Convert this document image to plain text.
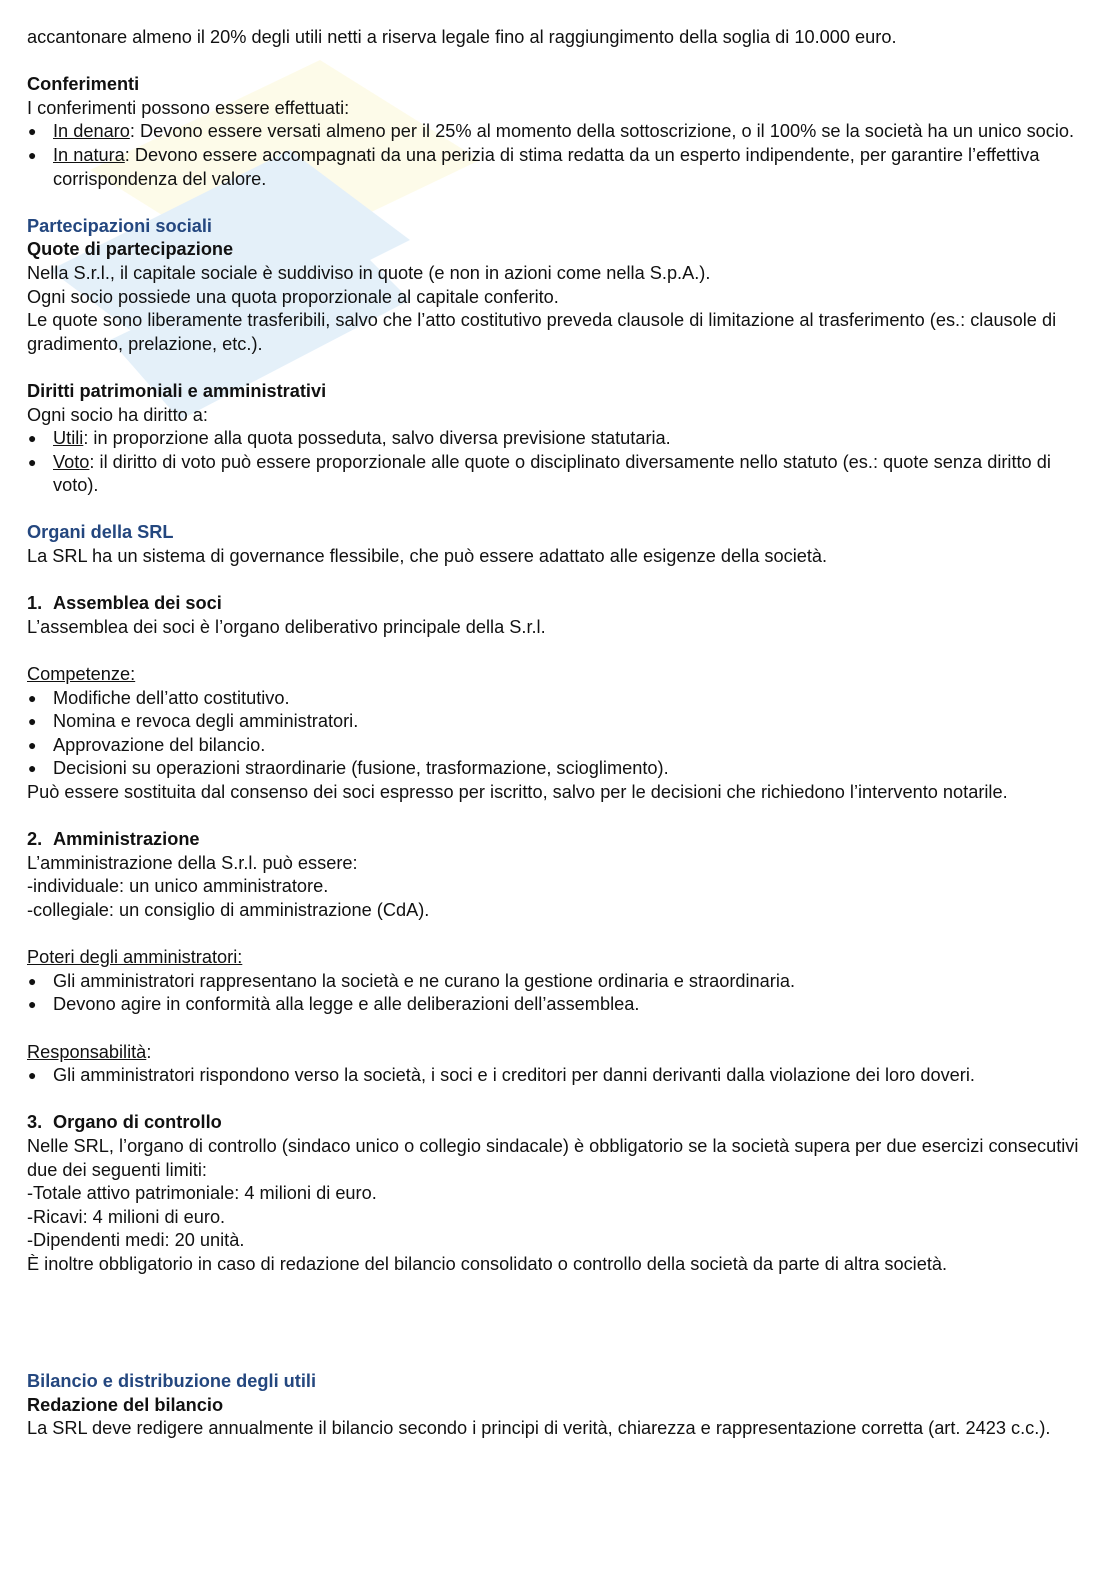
accantonare almeno il 20% degli utili netti a riserva legale fino al raggiungimento della soglia di 10.000 euro.

Conferimenti

I conferimenti possono essere effettuati:

● In denaro: Devono essere versati almeno per il 25% al momento della sottoscrizione, o il 100% se la società ha un unico socio.
● In natura: Devono essere accompagnati da una perizia di stima redatta da un esperto indipendente, per garantire l’effettiva corrispondenza del valore.

Partecipazioni sociali

Quote di partecipazione

Nella S.r.l., il capitale sociale è suddiviso in quote (e non in azioni come nella S.p.A.).

Ogni socio possiede una quota proporzionale al capitale conferito.

Le quote sono liberamente trasferibili, salvo che l’atto costitutivo preveda clausole di limitazione al trasferimento (es.: clausole di gradimento, prelazione, etc.).

Diritti patrimoniali e amministrativi

Ogni socio ha diritto a:

● Utili: in proporzione alla quota posseduta, salvo diversa previsione statutaria.
● Voto: il diritto di voto può essere proporzionale alle quote o disciplinato diversamente nello statuto (es.: quote senza diritto di voto).

Organi della SRL

La SRL ha un sistema di governance flessibile, che può essere adattato alle esigenze della società.

1. Assemblea dei soci

L’assemblea dei soci è l’organo deliberativo principale della S.r.l.

Competenze:

● Modifiche dell’atto costitutivo.
● Nomina e revoca degli amministratori.
● Approvazione del bilancio.
● Decisioni su operazioni straordinarie (fusione, trasformazione, scioglimento).

Può essere sostituita dal consenso dei soci espresso per iscritto, salvo per le decisioni che richiedono l’intervento notarile.

2. Amministrazione

L’amministrazione della S.r.l. può essere:

-individuale: un unico amministratore.

-collegiale: un consiglio di amministrazione (CdA).

Poteri degli amministratori:

● Gli amministratori rappresentano la società e ne curano la gestione ordinaria e straordinaria.
● Devono agire in conformità alla legge e alle deliberazioni dell’assemblea.

Responsabilità:

● Gli amministratori rispondono verso la società, i soci e i creditori per danni derivanti dalla violazione dei loro doveri.

3. Organo di controllo

Nelle SRL, l’organo di controllo (sindaco unico o collegio sindacale) è obbligatorio se la società supera per due esercizi consecutivi due dei seguenti limiti:

-Totale attivo patrimoniale: 4 milioni di euro.

-Ricavi: 4 milioni di euro.

-Dipendenti medi: 20 unità.

È inoltre obbligatorio in caso di redazione del bilancio consolidato o controllo della società da parte di altra società.

Bilancio e distribuzione degli utili

Redazione del bilancio

La SRL deve redigere annualmente il bilancio secondo i principi di verità, chiarezza e rappresentazione corretta (art. 2423 c.c.).
